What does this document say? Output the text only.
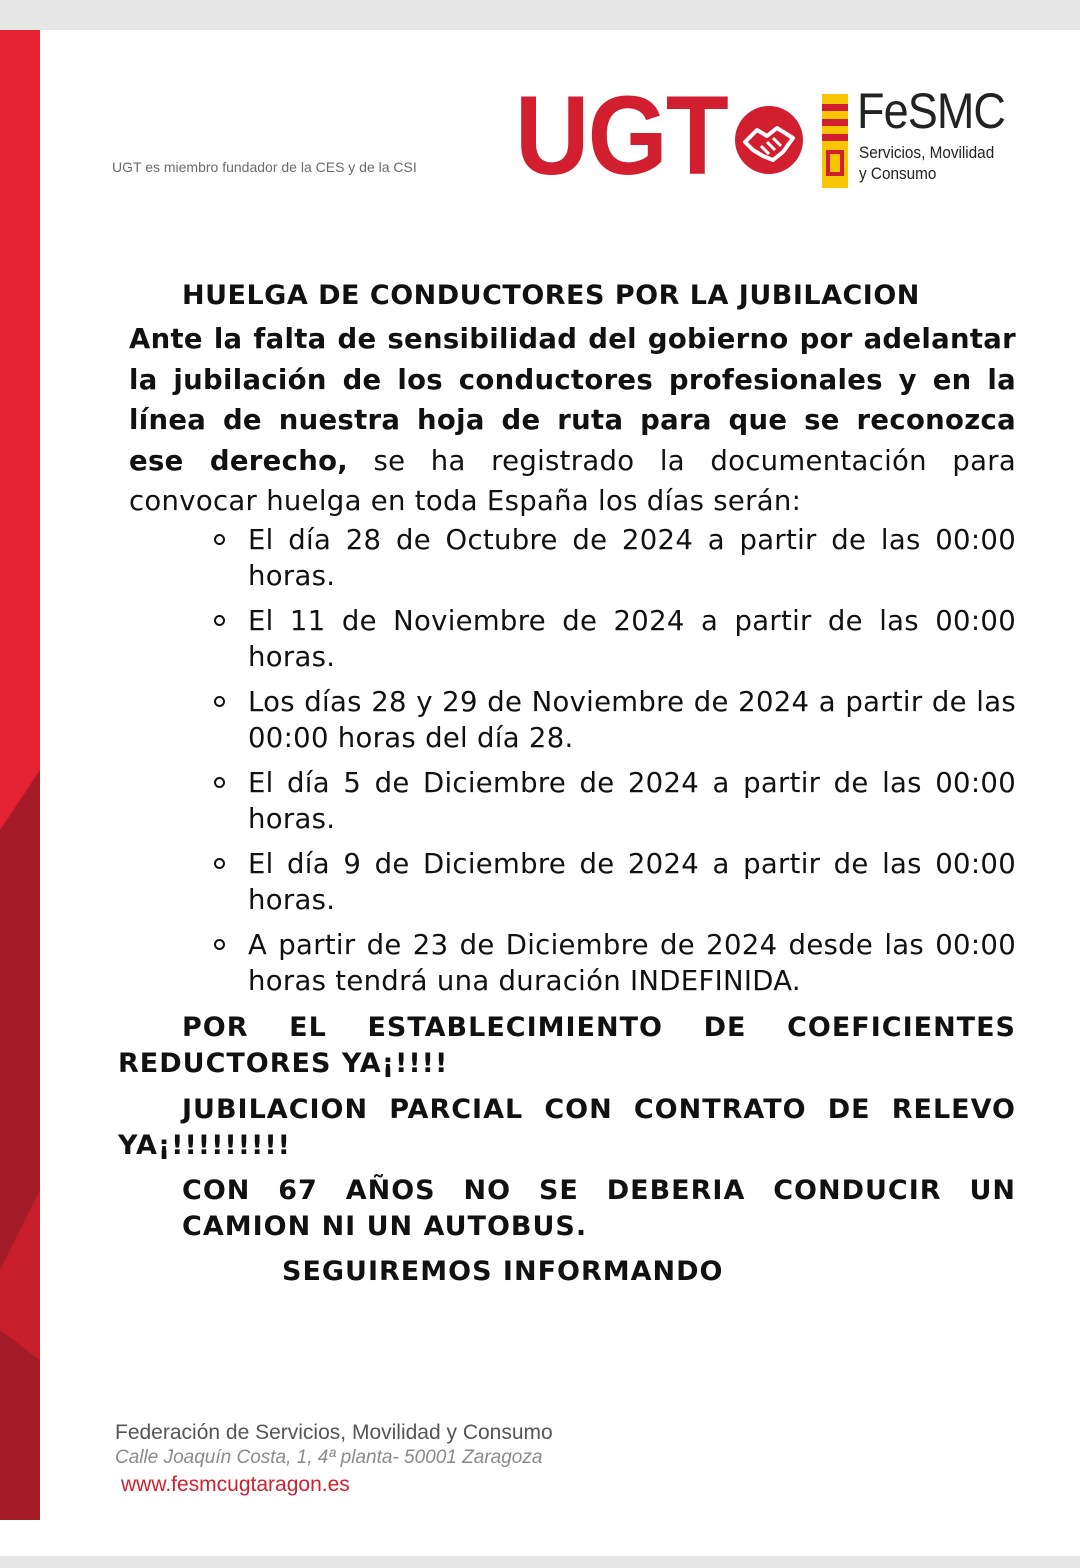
UGT es miembro fundador de la CES y de la CSI UGT	FeSMC
Servicios, Movilidad
y Consumo
HUELGA DE CONDUCTORES POR LA JUBILACION
Ante la falta de sensibilidad del gobierno por adelantar la jubilación de los conductores profesionales y en la línea de nuestra hoja de ruta para que se reconozca ese derecho, se ha registrado la documentación para convocar huelga en toda España los días serán:
El día 28 de Octubre de 2024 a partir de las 00:00 horas.
El 11 de Noviembre de 2024 a partir de las 00:00 horas.
Los días 28 y 29 de Noviembre de 2024 a partir de las 00:00 horas del día 28.
El día 5 de Diciembre de 2024 a partir de las 00:00 horas.
El día 9 de Diciembre de 2024 a partir de las 00:00 horas.
A partir de 23 de Diciembre de 2024 desde las 00:00 horas tendrá una duración INDEFINIDA.
POR EL ESTABLECIMIENTO DE COEFICIENTES
REDUCTORES YA¡!!!!
JUBILACION PARCIAL CON CONTRATO DE RELEVO
YA¡!!!!!!!!!
CON 67 AÑOS NO SE DEBERIA CONDUCIR UN
CAMION NI UN AUTOBUS.
SEGUIREMOS INFORMANDO
Federación de Servicios, Movilidad y Consumo
Calle Joaquín Costa, 1, 4ª planta- 50001 Zaragoza
www.fesmcugtaragon.es
